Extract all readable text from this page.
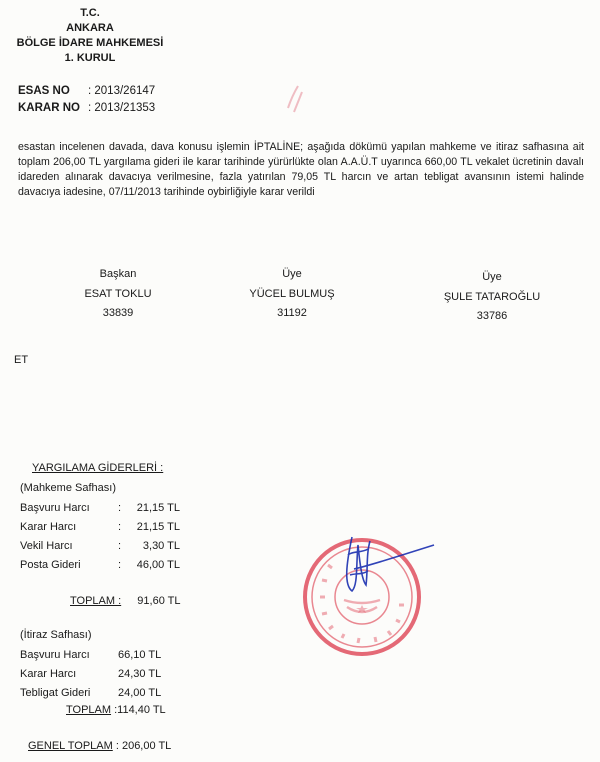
T.C.
ANKARA
BÖLGE İDARE MAHKEMESİ
1. KURUL
ESAS NO : 2013/26147
KARAR NO : 2013/21353
esastan incelenen davada, dava konusu işlemin İPTALİNE; aşağıda dökümü yapılan mahkeme ve itiraz safhasına ait toplam 206,00 TL yargılama gideri ile karar tarihinde yürürlükte olan A.A.Ü.T uyarınca 660,00 TL vekalet ücretinin davalı idareden alınarak davacıya verilmesine, fazla yatırılan 79,05 TL harcın ve artan tebligat avansının istemi halinde davacıya iadesine, 07/11/2013 tarihinde oybirliğiyle karar verildi
Başkan
ESAT TOKLU
33839
Üye
YÜCEL BULMUŞ
31192
Üye
ŞULE TATAROĞLU
33786
ET
YARGILAMA GİDERLERİ :
(Mahkeme Safhası)
Başvuru Harcı	: 21,15 TL
Karar Harcı	: 21,15 TL
Vekil Harcı	: 3,30 TL
Posta Gideri	: 46,00 TL
TOPLAM : 91,60 TL
(İtiraz Safhası)
Başvuru Harcı	66,10 TL
Karar Harcı	24,30 TL
Tebligat Gideri	24,00 TL
TOPLAM :114,40 TL
GENEL TOPLAM : 206,00 TL
